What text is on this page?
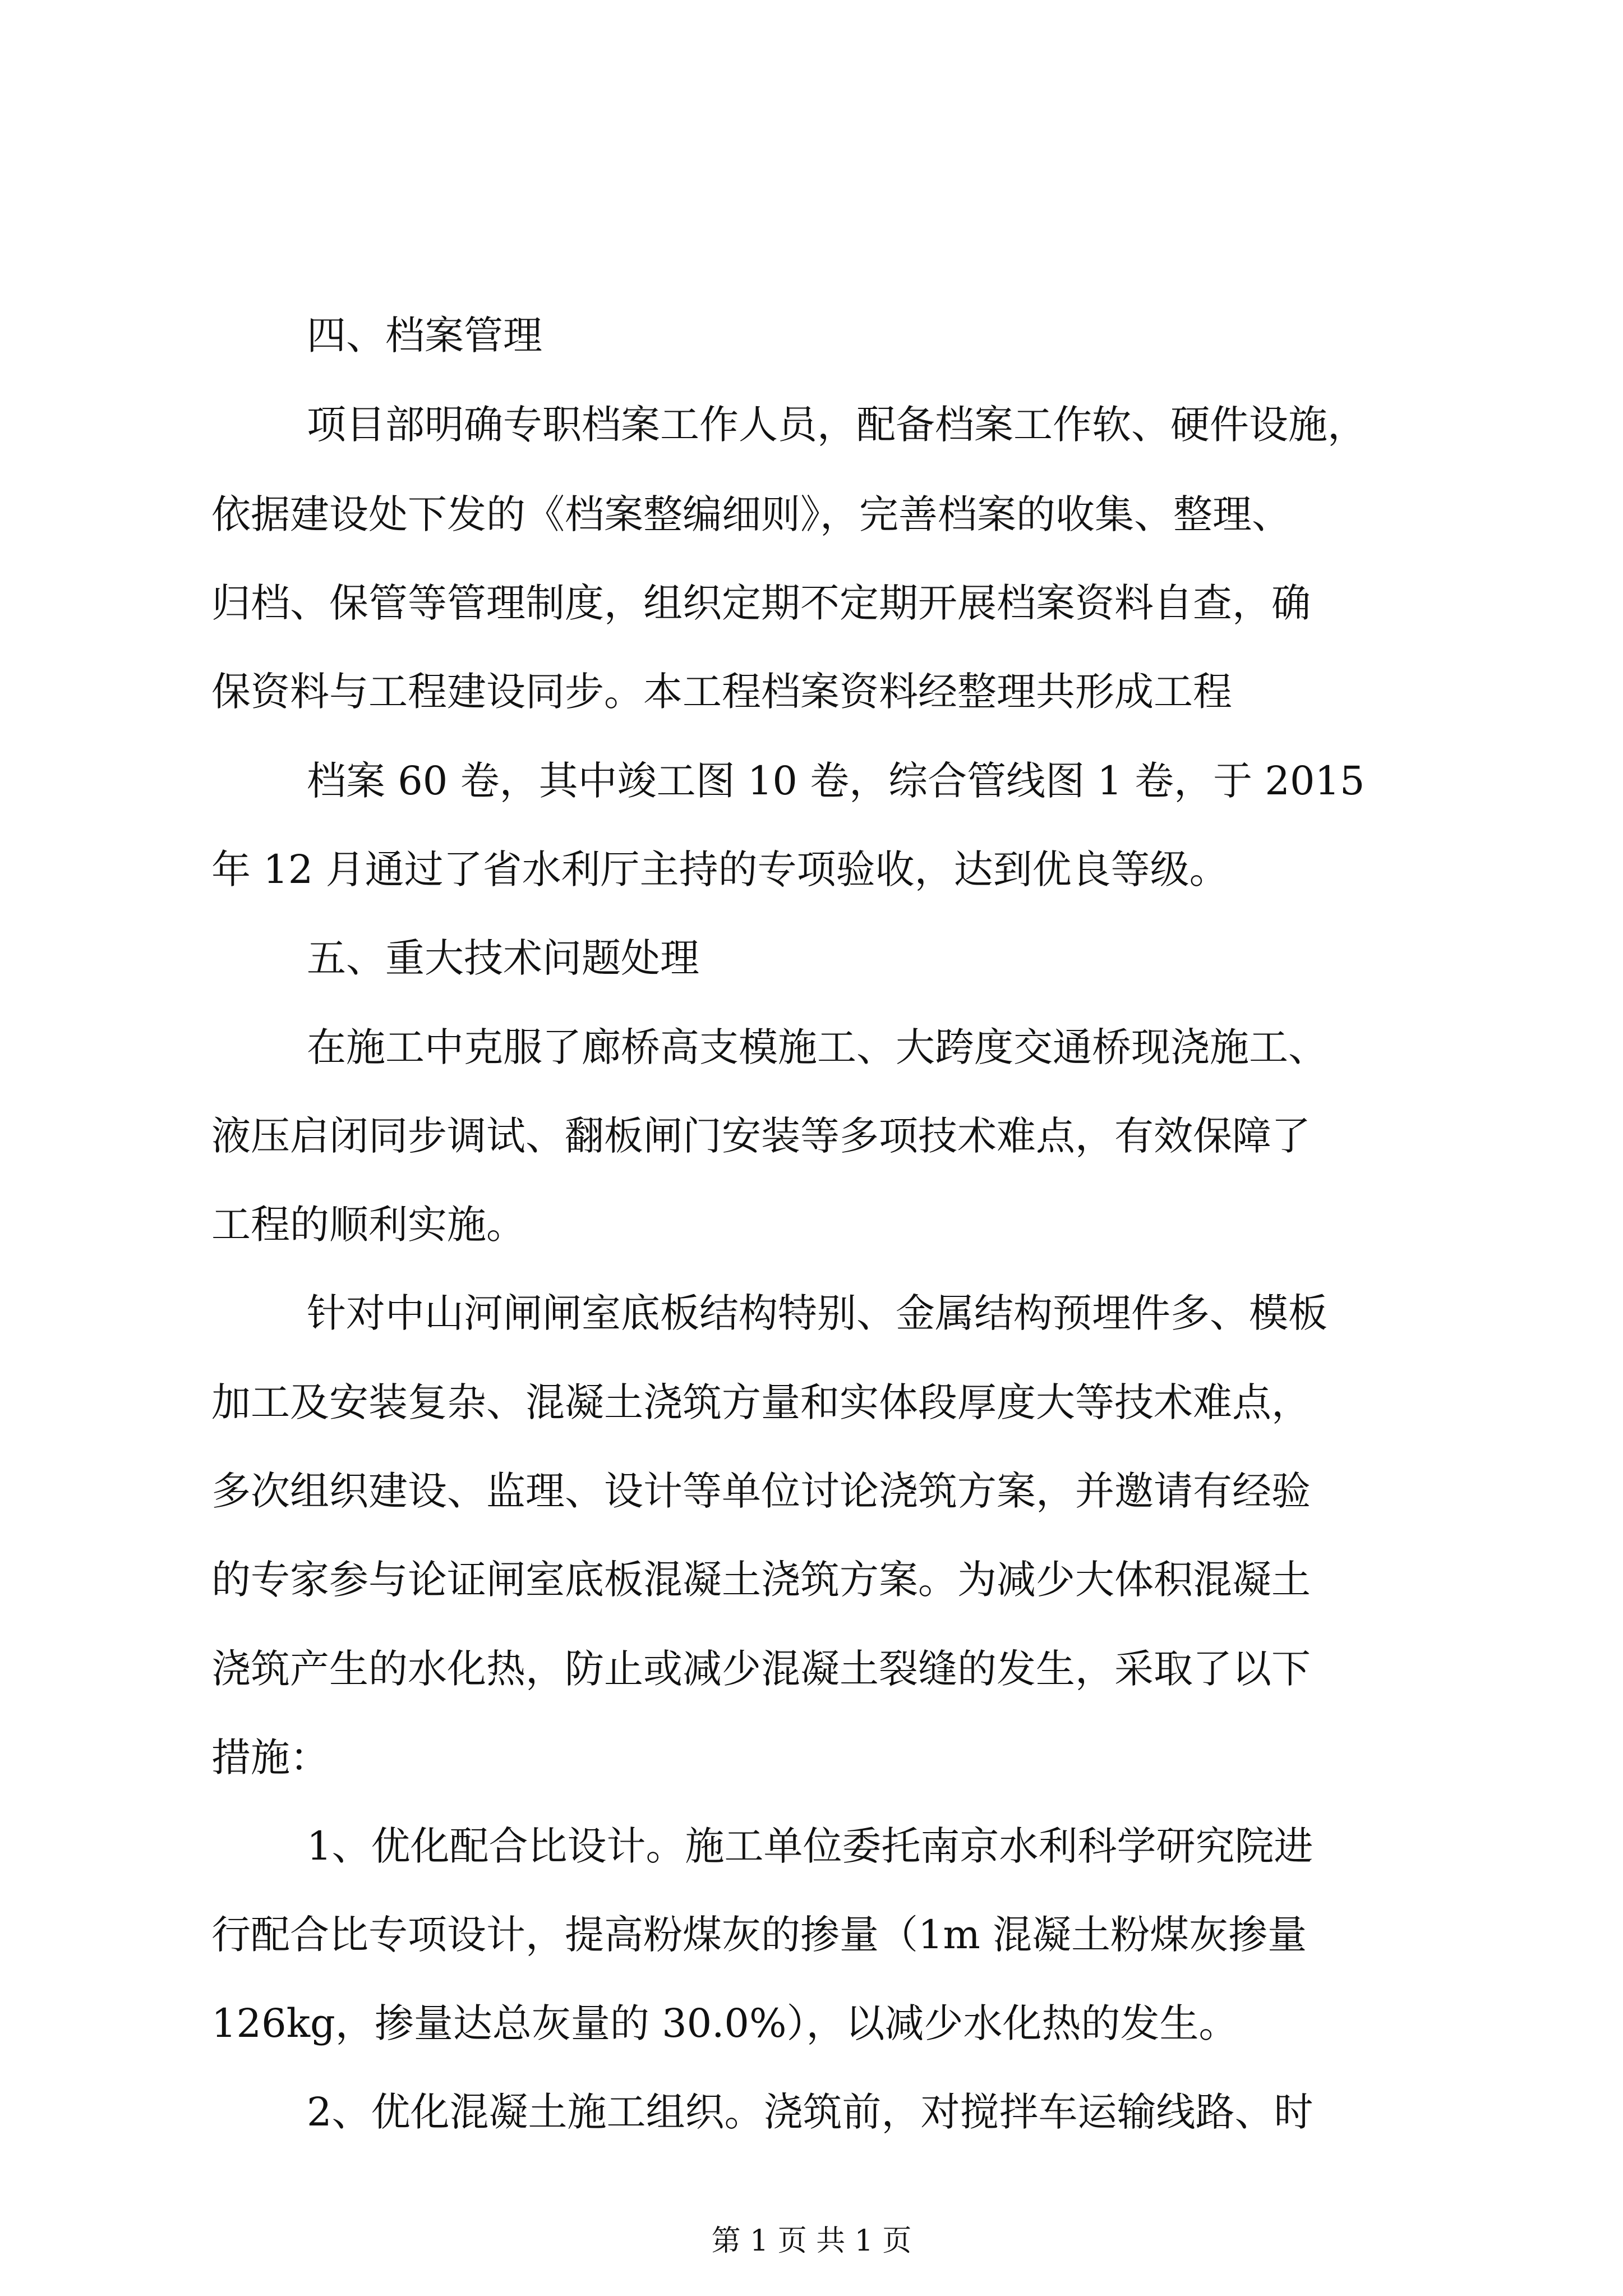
四、档案管理
项目部明确专职档案工作人员，配备档案工作软、硬件设施，
依据建设处下发的《档案整编细则》，完善档案的收集、整理、
归档、保管等管理制度，组织定期不定期开展档案资料自查，确
保资料与工程建设同步。本工程档案资料经整理共形成工程
档案 60 卷，其中竣工图 10 卷，综合管线图 1 卷，于 2015
年 12 月通过了省水利厅主持的专项验收，达到优良等级。
五、重大技术问题处理
在施工中克服了廊桥高支模施工、大跨度交通桥现浇施工、
液压启闭同步调试、翻板闸门安装等多项技术难点，有效保障了
工程的顺利实施。
针对中山河闸闸室底板结构特别、金属结构预埋件多、模板
加工及安装复杂、混凝土浇筑方量和实体段厚度大等技术难点，
多次组织建设、监理、设计等单位讨论浇筑方案，并邀请有经验
的专家参与论证闸室底板混凝土浇筑方案。为减少大体积混凝土
浇筑产生的水化热，防止或减少混凝土裂缝的发生，采取了以下
措施：
1、优化配合比设计。施工单位委托南京水利科学研究院进
行配合比专项设计，提高粉煤灰的掺量（1m 混凝土粉煤灰掺量
126kg，掺量达总灰量的 30.0%），以减少水化热的发生。
2、优化混凝土施工组织。浇筑前，对搅拌车运输线路、时
第 1 页 共 1 页
